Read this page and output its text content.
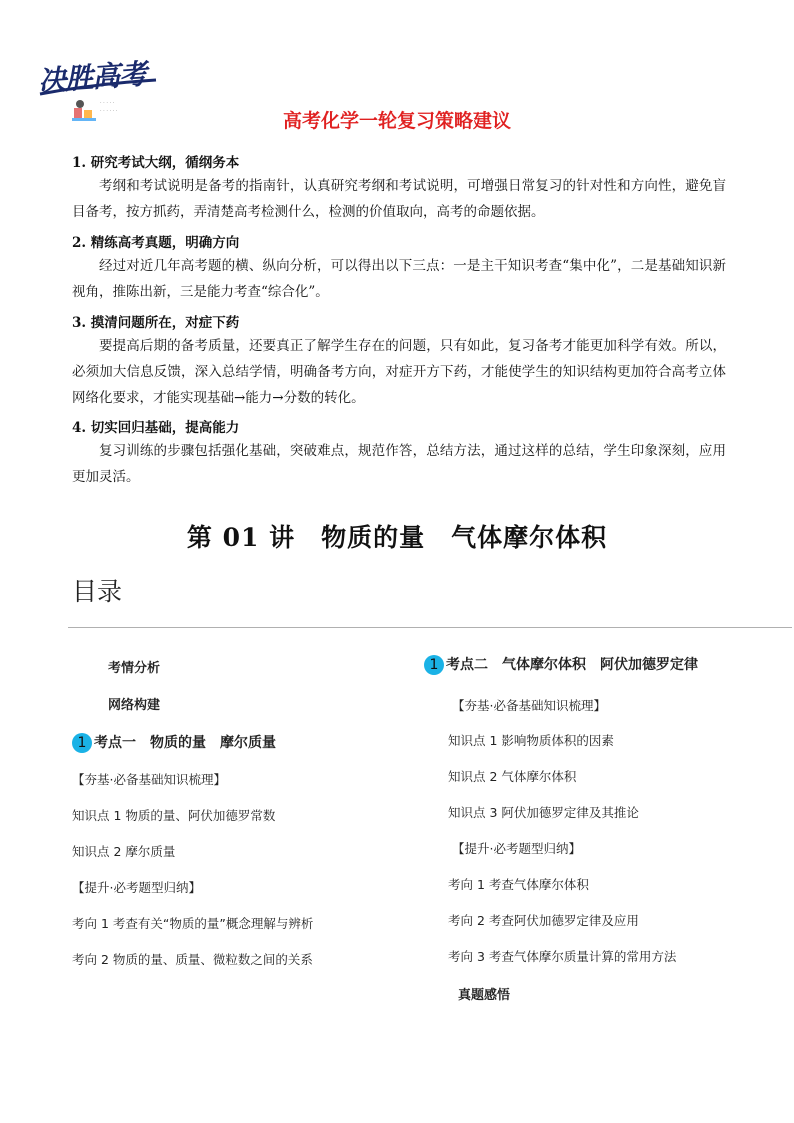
· · · · ·
· · · · · ·
决胜高考
高考化学一轮复习策略建议
1. 研究考试大纲，循纲务本
考纲和考试说明是备考的指南针，认真研究考纲和考试说明，可增强日常复习的针对性和方向性，避免盲目备考，按方抓药，弄清楚高考检测什么，检测的价值取向，高考的命题依据。
2. 精练高考真题，明确方向
经过对近几年高考题的横、纵向分析，可以得出以下三点：一是主干知识考查“集中化”，二是基础知识新视角，推陈出新，三是能力考查“综合化”。
3. 摸清问题所在，对症下药
要提高后期的备考质量，还要真正了解学生存在的问题，只有如此，复习备考才能更加科学有效。所以，必须加大信息反馈，深入总结学情，明确备考方向，对症开方下药，才能使学生的知识结构更加符合高考立体网络化要求，才能实现基础→能力→分数的转化。
4. 切实回归基础，提高能力
复习训练的步骤包括强化基础，突破难点，规范作答，总结方法，通过这样的总结，学生印象深刻，应用更加灵活。
第 01 讲　物质的量　气体摩尔体积
目录
考情分析
网络构建
1 考点一　物质的量　摩尔质量
【夯基·必备基础知识梳理】
知识点 1 物质的量、阿伏加德罗常数
知识点 2 摩尔质量
【提升·必考题型归纳】
考向 1 考查有关“物质的量”概念理解与辨析
考向 2 物质的量、质量、微粒数之间的关系
1 考点二　气体摩尔体积　阿伏加德罗定律
【夯基·必备基础知识梳理】
知识点 1 影响物质体积的因素
知识点 2 气体摩尔体积
知识点 3 阿伏加德罗定律及其推论
【提升·必考题型归纳】
考向 1 考查气体摩尔体积
考向 2 考查阿伏加德罗定律及应用
考向 3 考查气体摩尔质量计算的常用方法
真题感悟
